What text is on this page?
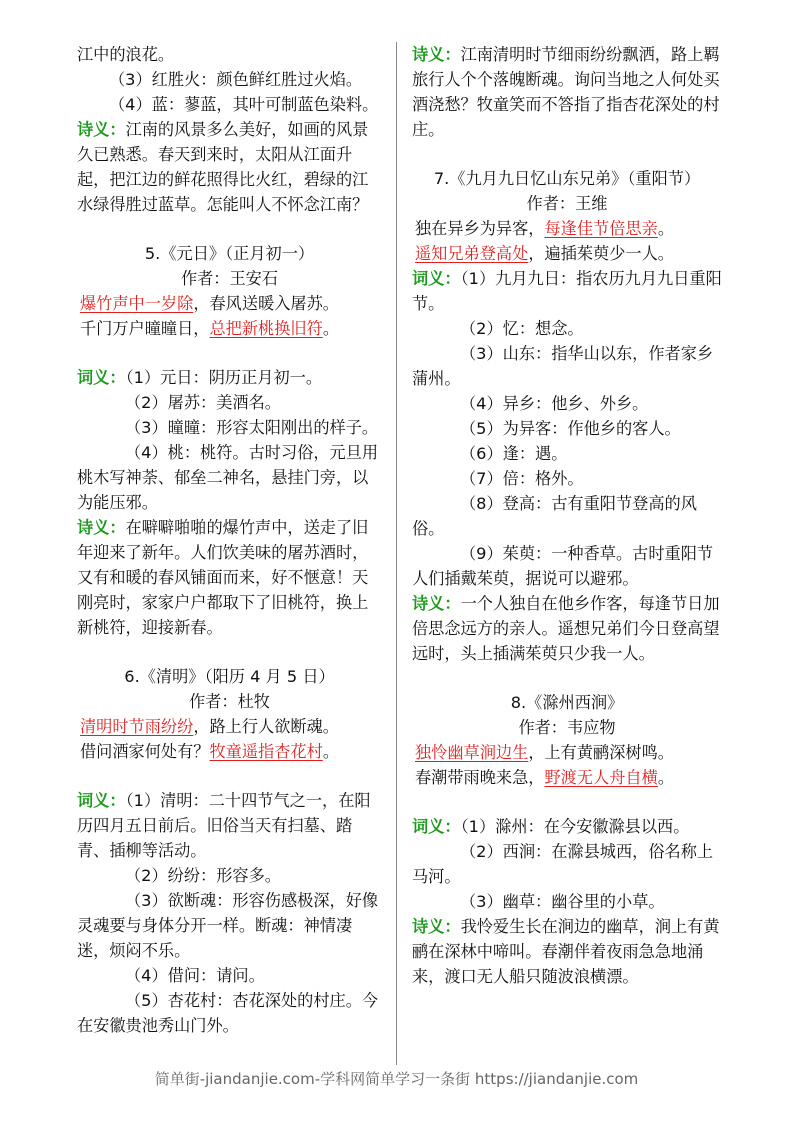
江中的浪花。

（3）红胜火：颜色鲜红胜过火焰。

（4）蓝：蓼蓝，其叶可制蓝色染料。

诗义：江南的风景多么美好，如画的风景久已熟悉。春天到来时，太阳从江面升起，把江边的鲜花照得比火红，碧绿的江水绿得胜过蓝草。怎能叫人不怀念江南？

5.《元日》（正月初一）

作者：王安石

爆竹声中一岁除，春风送暖入屠苏。

千门万户曈曈日，总把新桃换旧符。

词义：（1）元日：阴历正月初一。

（2）屠苏：美酒名。

（3）曈曈：形容太阳刚出的样子。

（4）桃：桃符。古时习俗，元旦用桃木写神荼、郁垒二神名，悬挂门旁，以为能压邪。

诗义：在噼噼啪啪的爆竹声中，送走了旧年迎来了新年。人们饮美味的屠苏酒时，又有和暖的春风铺面而来，好不惬意！天刚亮时，家家户户都取下了旧桃符，换上新桃符，迎接新春。

6.《清明》（阳历 4 月 5 日）

作者：杜牧

清明时节雨纷纷，路上行人欲断魂。

借问酒家何处有？牧童遥指杏花村。

词义：（1）清明：二十四节气之一，在阳历四月五日前后。旧俗当天有扫墓、踏青、插柳等活动。

（2）纷纷：形容多。

（3）欲断魂：形容伤感极深，好像灵魂要与身体分开一样。断魂：神情凄迷，烦闷不乐。

（4）借问：请问。

（5）杏花村：杏花深处的村庄。今在安徽贵池秀山门外。

诗义：江南清明时节细雨纷纷飘洒，路上羁旅行人个个落魄断魂。询问当地之人何处买酒浇愁？牧童笑而不答指了指杏花深处的村庄。

7.《九月九日忆山东兄弟》（重阳节）

作者：王维

独在异乡为异客，每逢佳节倍思亲。

遥知兄弟登高处，遍插茱萸少一人。

词义：（1）九月九日：指农历九月九日重阳节。

（2）忆：想念。

（3）山东：指华山以东，作者家乡蒲州。

（4）异乡：他乡、外乡。

（5）为异客：作他乡的客人。

（6）逢：遇。

（7）倍：格外。

（8）登高：古有重阳节登高的风俗。

（9）茱萸：一种香草。古时重阳节人们插戴茱萸，据说可以避邪。

诗义：一个人独自在他乡作客，每逢节日加倍思念远方的亲人。遥想兄弟们今日登高望远时，头上插满茱萸只少我一人。

8.《滁州西涧》

作者：韦应物

独怜幽草涧边生，上有黄鹂深树鸣。

春潮带雨晚来急，野渡无人舟自横。

词义：（1）滁州：在今安徽滁县以西。

（2）西涧：在滁县城西，俗名称上马河。

（3）幽草：幽谷里的小草。

诗义：我怜爱生长在涧边的幽草，涧上有黄鹂在深林中啼叫。春潮伴着夜雨急急地涌来，渡口无人船只随波浪横漂。

简单街-jiandanjie.com-学科网简单学习一条街 https://jiandanjie.com
